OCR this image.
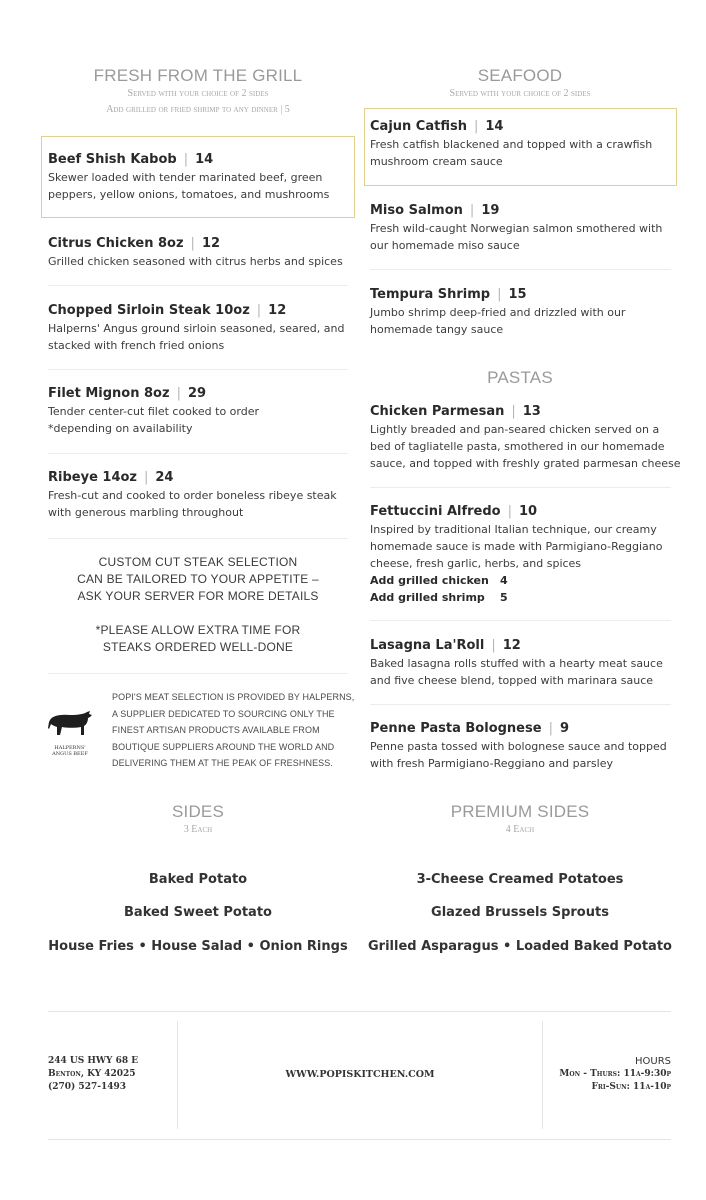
FRESH FROM THE GRILL
Served with your choice of 2 sides
Add grilled or fried shrimp to any dinner | 5
Beef Shish Kabob | 14
Skewer loaded with tender marinated beef, green
peppers, yellow onions, tomatoes, and mushrooms
Citrus Chicken 8oz | 12
Grilled chicken seasoned with citrus herbs and spices
Chopped Sirloin Steak 10oz | 12
Halperns' Angus ground sirloin seasoned, seared, and
stacked with french fried onions
Filet Mignon 8oz | 29
Tender center-cut filet cooked to order
*depending on availability
Ribeye 14oz | 24
Fresh-cut and cooked to order boneless ribeye steak
with generous marbling throughout
CUSTOM CUT STEAK SELECTION
CAN BE TAILORED TO YOUR APPETITE –
ASK YOUR SERVER FOR MORE DETAILS
*PLEASE ALLOW EXTRA TIME FOR
STEAKS ORDERED WELL-DONE
HALPERNS'
ANGUS BEEF
POPI'S MEAT SELECTION IS PROVIDED BY HALPERNS,
A SUPPLIER DEDICATED TO SOURCING ONLY THE
FINEST ARTISAN PRODUCTS AVAILABLE FROM
BOUTIQUE SUPPLIERS AROUND THE WORLD AND
DELIVERING THEM AT THE PEAK OF FRESHNESS.
SEAFOOD
Served with your choice of 2 sides
Cajun Catfish | 14
Fresh catfish blackened and topped with a crawfish
mushroom cream sauce
Miso Salmon | 19
Fresh wild-caught Norwegian salmon smothered with
our homemade miso sauce
Tempura Shrimp | 15
Jumbo shrimp deep-fried and drizzled with our
homemade tangy sauce
PASTAS
Chicken Parmesan | 13
Lightly breaded and pan-seared chicken served on a
bed of tagliatelle pasta, smothered in our homemade
sauce, and topped with freshly grated parmesan cheese
Fettuccini Alfredo | 10
Inspired by traditional Italian technique, our creamy
homemade sauce is made with Parmigiano-Reggiano
cheese, fresh garlic, herbs, and spices
Add grilled chicken 4
Add grilled shrimp 5
Lasagna La'Roll | 12
Baked lasagna rolls stuffed with a hearty meat sauce
and five cheese blend, topped with marinara sauce
Penne Pasta Bolognese | 9
Penne pasta tossed with bolognese sauce and topped
with fresh Parmigiano-Reggiano and parsley
SIDES
3 Each
Baked Potato
Baked Sweet Potato
House Fries • House Salad • Onion Rings
PREMIUM SIDES
4 Each
3-Cheese Creamed Potatoes
Glazed Brussels Sprouts
Grilled Asparagus • Loaded Baked Potato
244 US HWY 68 E
Benton, KY 42025
(270) 527-1493
WWW.POPISKITCHEN.COM
HOURS
Mon - Thurs: 11a-9:30p
Fri-Sun: 11a-10p
